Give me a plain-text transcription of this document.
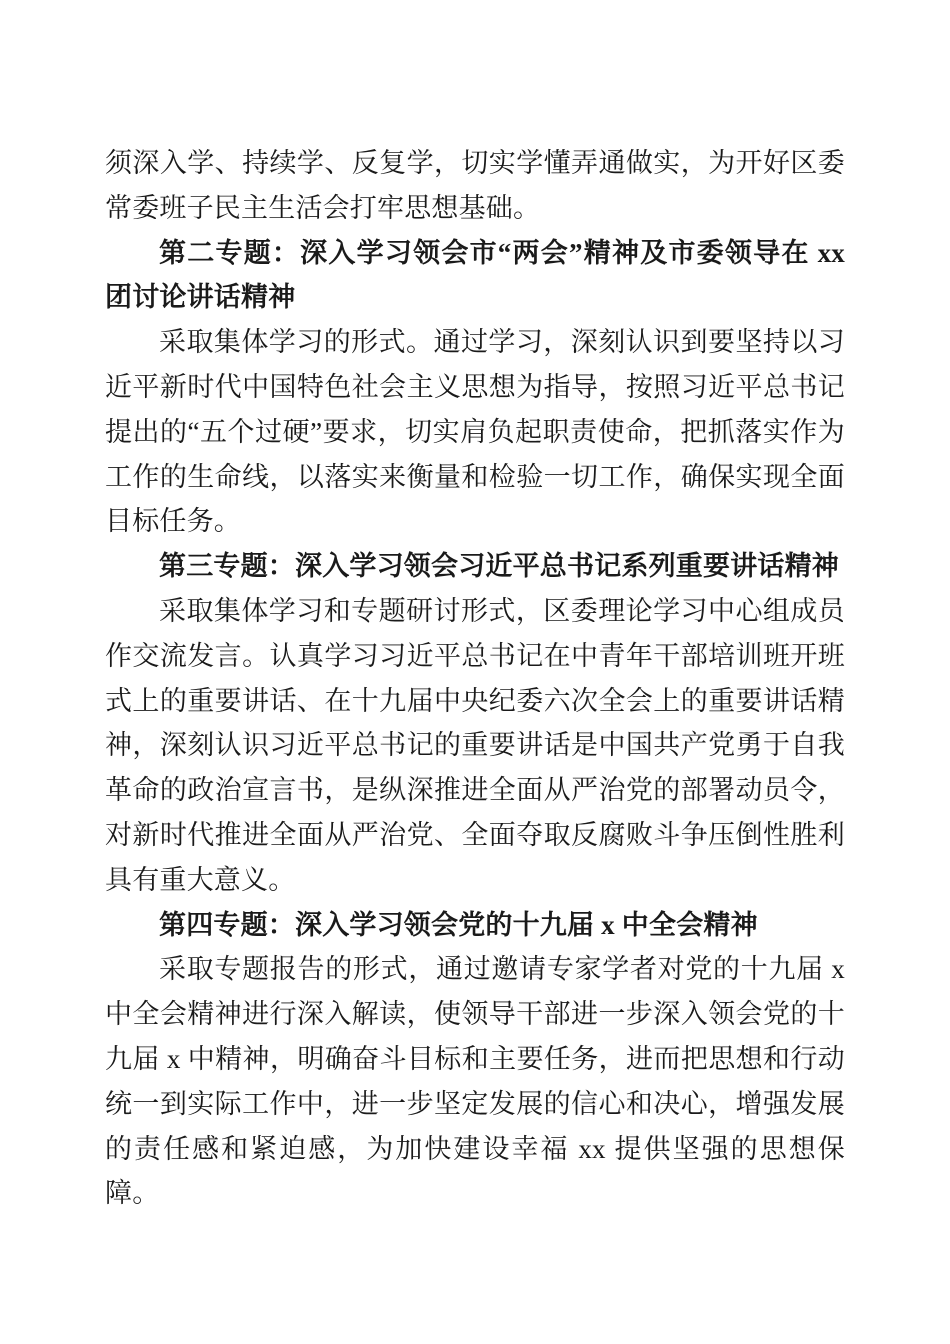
须深入学、持续学、反复学，切实学懂弄通做实，为开好区委常委班子民主生活会打牢思想基础。

第二专题：深入学习领会市“两会”精神及市委领导在 xx 团讨论讲话精神

采取集体学习的形式。通过学习，深刻认识到要坚持以习近平新时代中国特色社会主义思想为指导，按照习近平总书记提出的“五个过硬”要求，切实肩负起职责使命，把抓落实作为工作的生命线，以落实来衡量和检验一切工作，确保实现全面目标任务。

第三专题：深入学习领会习近平总书记系列重要讲话精神

采取集体学习和专题研讨形式，区委理论学习中心组成员作交流发言。认真学习习近平总书记在中青年干部培训班开班式上的重要讲话、在十九届中央纪委六次全会上的重要讲话精神，深刻认识习近平总书记的重要讲话是中国共产党勇于自我革命的政治宣言书，是纵深推进全面从严治党的部署动员令，对新时代推进全面从严治党、全面夺取反腐败斗争压倒性胜利具有重大意义。

第四专题：深入学习领会党的十九届 x 中全会精神

采取专题报告的形式，通过邀请专家学者对党的十九届 x 中全会精神进行深入解读，使领导干部进一步深入领会党的十九届 x 中精神，明确奋斗目标和主要任务，进而把思想和行动统一到实际工作中，进一步坚定发展的信心和决心，增强发展的责任感和紧迫感，为加快建设幸福 xx 提供坚强的思想保障。
